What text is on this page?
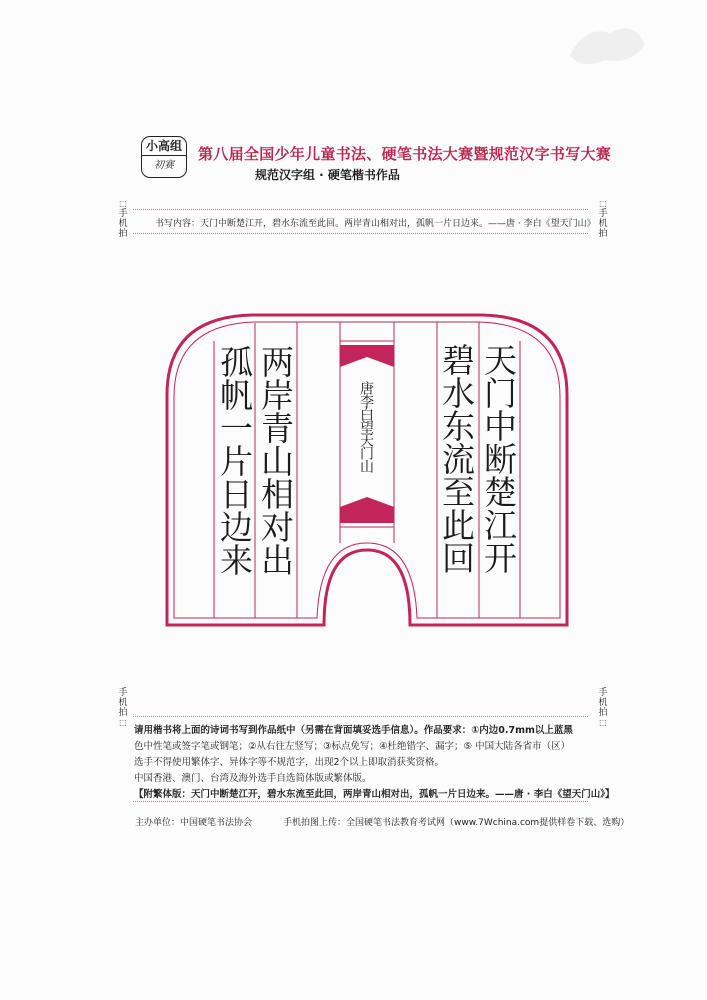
小高组
初赛
第八届全国少年儿童书法、硬笔书法大赛暨规范汉字书写大赛
规范汉字组 · 硬笔楷书作品
⬚
手机拍
⬚
手机拍
手机拍
⬚
手机拍
⬚
书写内容：天门中断楚江开，碧水东流至此回。两岸青山相对出，孤帆一片日边来。——唐 · 李白《望天门山》
天门中断楚江开
碧水东流至此回
两岸青山相对出
孤帆一片日边来	唐李白望天门山

请用楷书将上面的诗词书写到作品纸中（另需在背面填妥选手信息）。作品要求：①内边0.7mm以上蓝黑

色中性笔或签字笔或钢笔；②从右往左竖写；③标点免写；④杜绝错字、漏字；⑤ 中国大陆各省市（区）

选手不得使用繁体字、异体字等不规范字，出现2个以上即取消获奖资格。

中国香港、澳门、台湾及海外选手自选简体版或繁体版。

【附繁体版：天门中断楚江开，碧水东流至此回，两岸青山相对出，孤帆一片日边来。——唐 · 李白《望天门山》】

主办单位：中国硬笔书法协会	手机拍图上传：全国硬笔书法教育考试网（www.7Wchina.com提供样卷下载、选购）
